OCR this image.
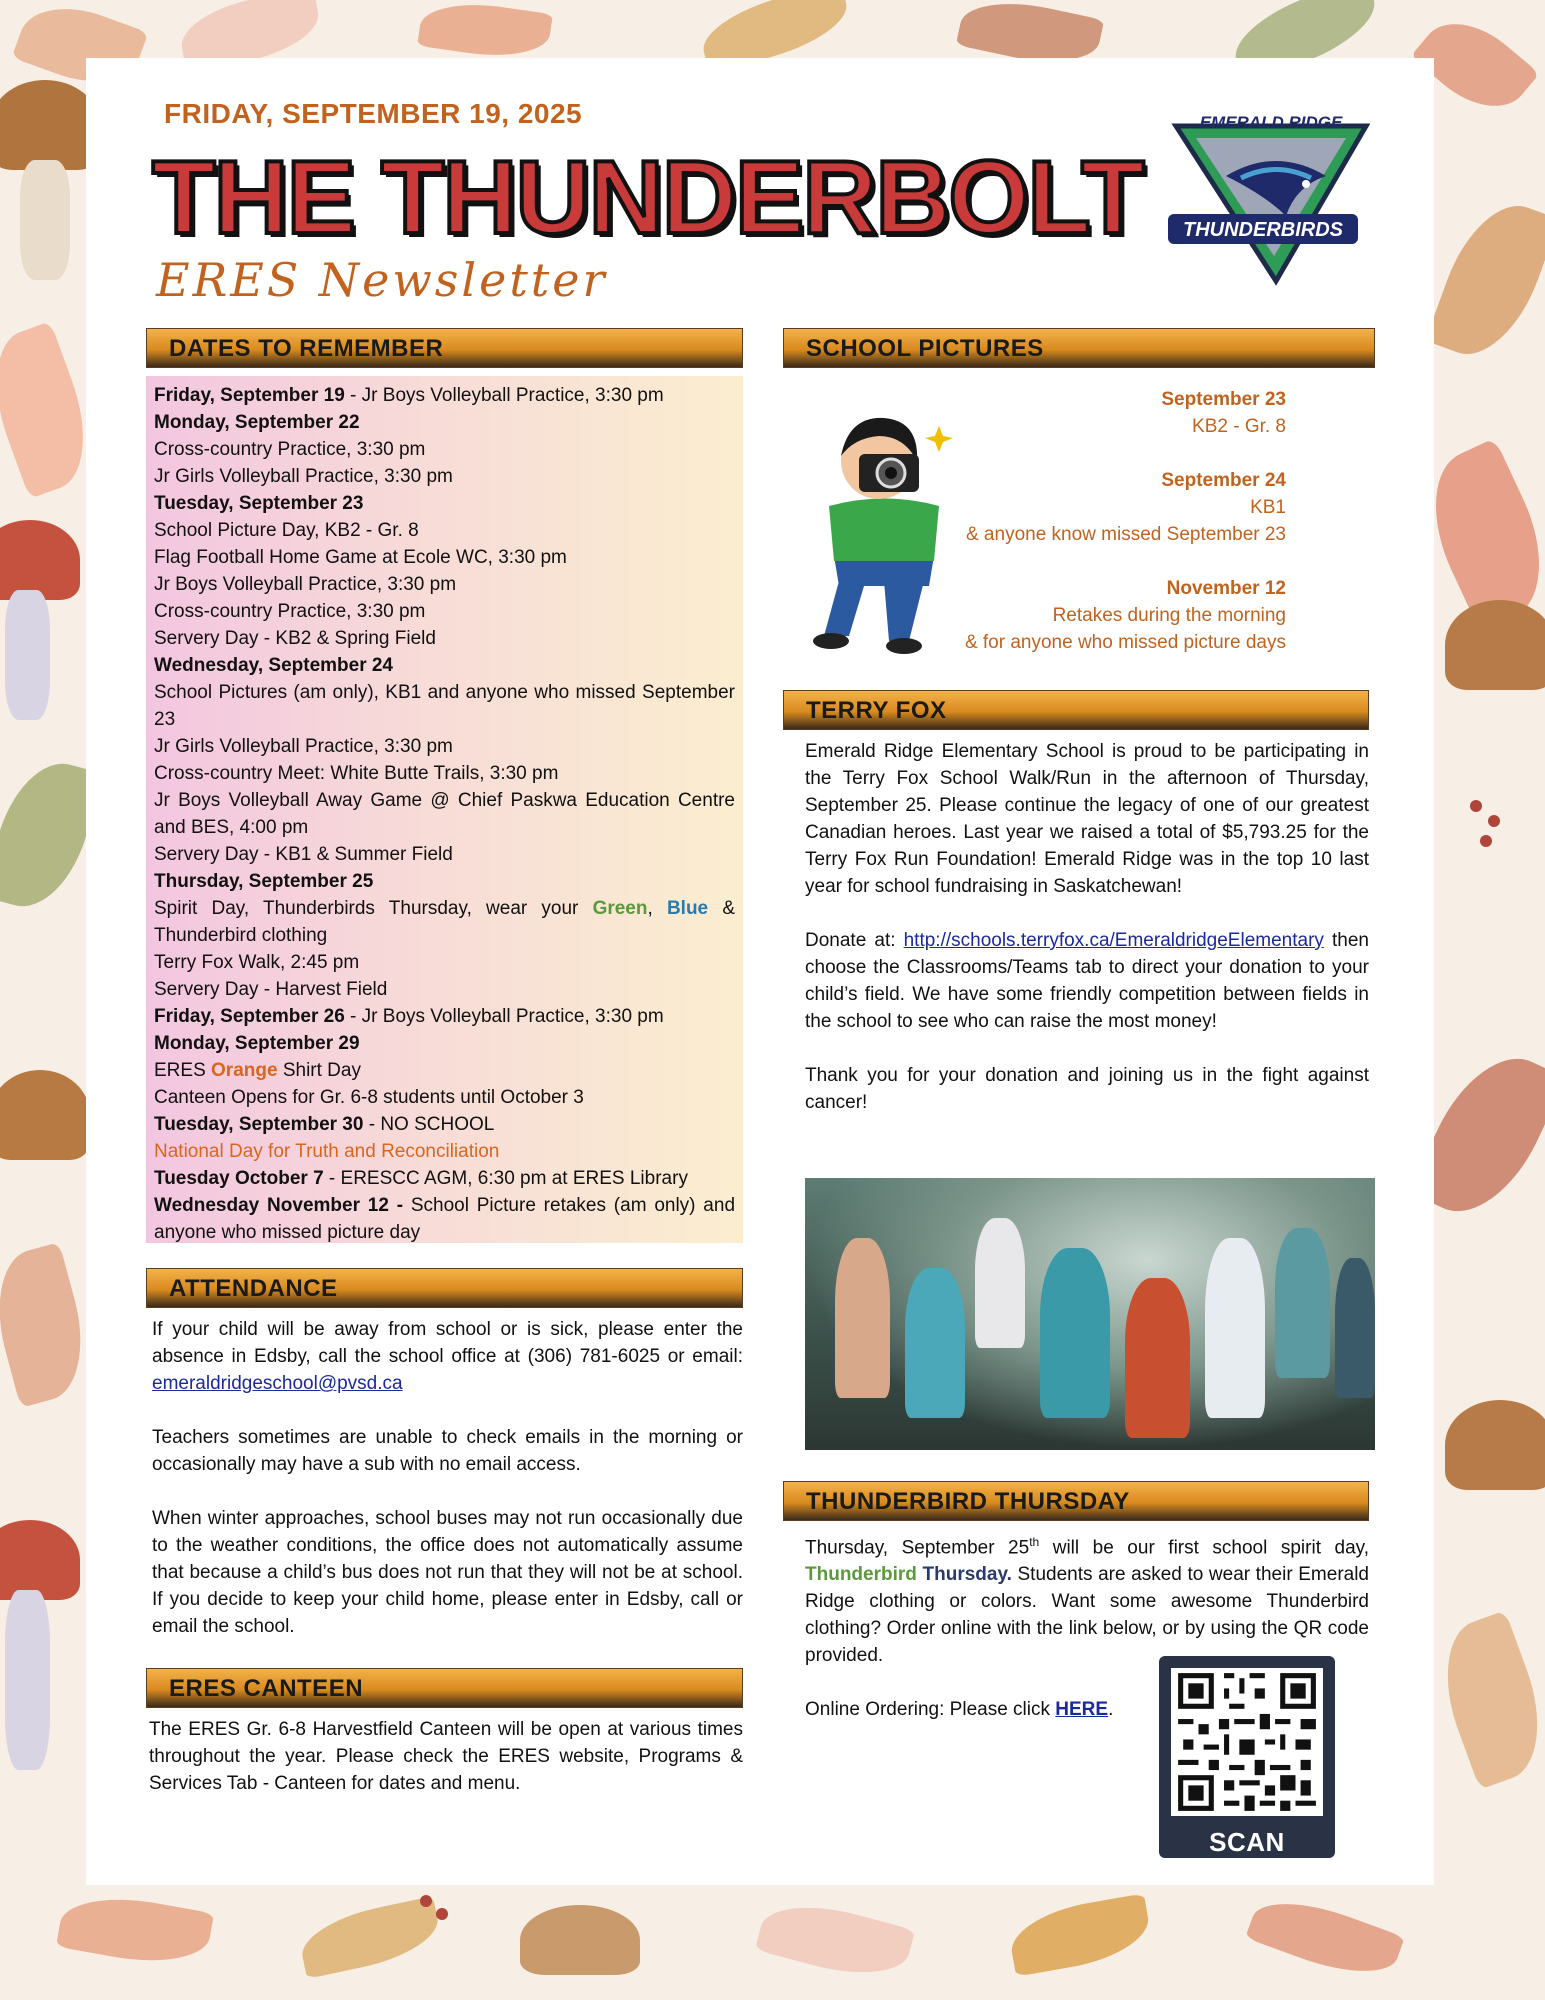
FRIDAY, SEPTEMBER 19, 2025
THE THUNDERBOLT
ERES Newsletter
EMERALD RIDGE
THUNDERBIRDS
DATES TO REMEMBER
Friday, September 19 - Jr Boys Volleyball Practice, 3:30 pm
Monday, September 22
Cross-country Practice, 3:30 pm
Jr Girls Volleyball Practice, 3:30 pm
Tuesday, September 23
School Picture Day, KB2 - Gr. 8
Flag Football Home Game at Ecole WC, 3:30 pm
Jr Boys Volleyball Practice, 3:30 pm
Cross-country Practice, 3:30 pm
Servery Day - KB2 & Spring Field
Wednesday, September 24
School Pictures (am only), KB1 and anyone who missed September 23
Jr Girls Volleyball Practice, 3:30 pm
Cross-country Meet: White Butte Trails, 3:30 pm
Jr Boys Volleyball Away Game @ Chief Paskwa Education Centre and BES, 4:00 pm
Servery Day - KB1 & Summer Field
Thursday, September 25
Spirit Day, Thunderbirds Thursday, wear your Green, Blue & Thunderbird clothing
Terry Fox Walk, 2:45 pm
Servery Day - Harvest Field
Friday, September 26 - Jr Boys Volleyball Practice, 3:30 pm
Monday, September 29
ERES Orange Shirt Day
Canteen Opens for Gr. 6-8 students until October 3
Tuesday, September 30 - NO SCHOOL
National Day for Truth and Reconciliation
Tuesday October 7 - ERESCC AGM, 6:30 pm at ERES Library
Wednesday November 12 - School Picture retakes (am only) and anyone who missed picture day
ATTENDANCE
If your child will be away from school or is sick, please enter the absence in Edsby, call the school office at (306) 781-6025 or email: emeraldridgeschool@pvsd.ca
Teachers sometimes are unable to check emails in the morning or occasionally may have a sub with no email access.
When winter approaches, school buses may not run occasionally due to the weather conditions, the office does not automatically assume that because a child’s bus does not run that they will not be at school. If you decide to keep your child home, please enter in Edsby, call or email the school.
ERES CANTEEN
The ERES Gr. 6-8 Harvestfield Canteen will be open at various times throughout the year. Please check the ERES website, Programs & Services Tab - Canteen for dates and menu.
SCHOOL PICTURES
September 23
KB2 - Gr. 8
September 24
KB1
& anyone know missed September 23
November 12
Retakes during the morning
& for anyone who missed picture days
TERRY FOX
Emerald Ridge Elementary School is proud to be participating in the Terry Fox School Walk/Run in the afternoon of Thursday, September 25. Please continue the legacy of one of our greatest Canadian heroes. Last year we raised a total of $5,793.25 for the Terry Fox Run Foundation! Emerald Ridge was in the top 10 last year for school fundraising in Saskatchewan!
Donate at: http://schools.terryfox.ca/EmeraldridgeElementary then choose the Classrooms/Teams tab to direct your donation to your child’s field. We have some friendly competition between fields in the school to see who can raise the most money!
Thank you for your donation and joining us in the fight against cancer!
THUNDERBIRD THURSDAY
Thursday, September 25th will be our first school spirit day, Thunderbird Thursday. Students are asked to wear their Emerald Ridge clothing or colors. Want some awesome Thunderbird clothing? Order online with the link below, or by using the QR code provided.
Online Ordering: Please click HERE.
SCAN HERE
